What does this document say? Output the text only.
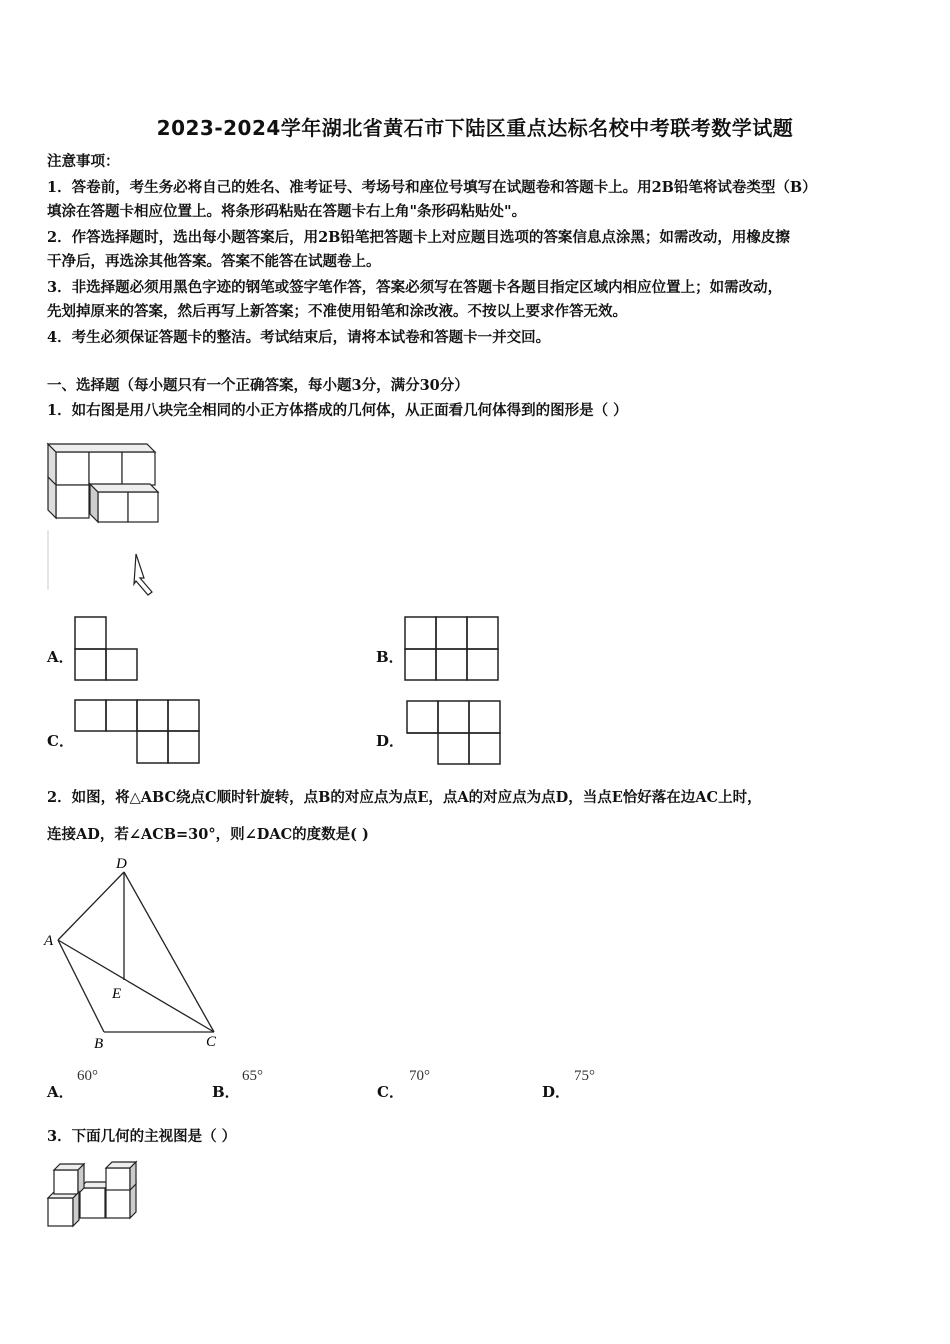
2023-2024学年湖北省黄石市下陆区重点达标名校中考联考数学试题
注意事项：
1．答卷前，考生务必将自己的姓名、准考证号、考场号和座位号填写在试题卷和答题卡上。用2B铅笔将试卷类型（B）
填涂在答题卡相应位置上。将条形码粘贴在答题卡右上角"条形码粘贴处"。
2．作答选择题时，选出每小题答案后，用2B铅笔把答题卡上对应题目选项的答案信息点涂黑；如需改动，用橡皮擦
干净后，再选涂其他答案。答案不能答在试题卷上。
3．非选择题必须用黑色字迹的钢笔或签字笔作答，答案必须写在答题卡各题目指定区域内相应位置上；如需改动，
先划掉原来的答案，然后再写上新答案；不准使用铅笔和涂改液。不按以上要求作答无效。
4．考生必须保证答题卡的整洁。考试结束后，请将本试卷和答题卡一并交回。
一、选择题（每小题只有一个正确答案，每小题3分，满分30分）
1．如右图是用八块完全相同的小正方体搭成的几何体，从正面看几何体得到的图形是（ ）
A．	B．
C．	D．
2．如图，将△ABC绕点C顺时针旋转，点B的对应点为点E，点A的对应点为点D，当点E恰好落在边AC上时，
连接AD，若∠ACB=30°，则∠DAC的度数是( )
D
A
E
B	C
A．
60°
B．
65°
C．
70°
D．
75°
3．下面几何的主视图是（ ）
